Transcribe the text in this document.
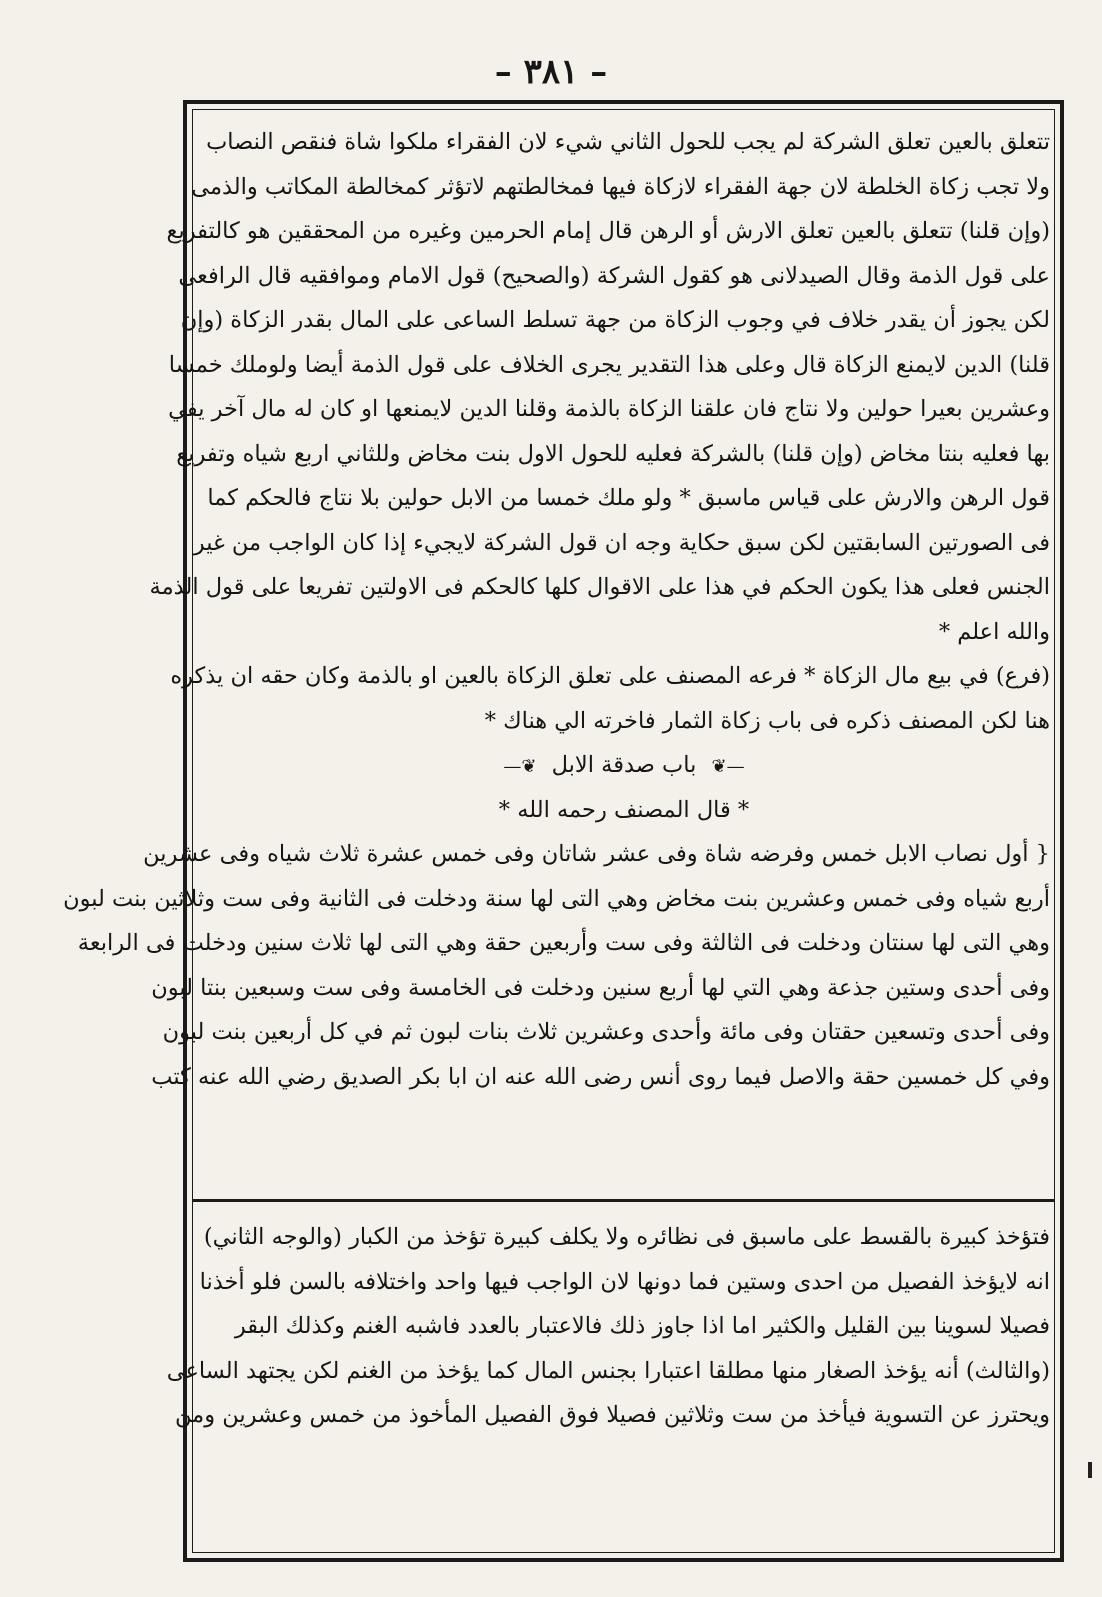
– ٣٨١ –
تتعلق بالعين تعلق الشركة لم يجب للحول الثاني شيء لان الفقراء ملكوا شاة فنقص النصاب
ولا تجب زكاة الخلطة لان جهة الفقراء لازكاة فيها فمخالطتهم لاتؤثر كمخالطة المكاتب والذمى
(وإن قلنا) تتعلق بالعين تعلق الارش أو الرهن قال إمام الحرمين وغيره من المحققين هو كالتفريع
على قول الذمة وقال الصيدلانى هو كقول الشركة (والصحيح) قول الامام وموافقيه قال الرافعى
لكن يجوز أن يقدر خلاف في وجوب الزكاة من جهة تسلط الساعى على المال بقدر الزكاة (وإن
قلنا) الدين لايمنع الزكاة قال وعلى هذا التقدير يجرى الخلاف على قول الذمة أيضا ولوملك خمسا
وعشرين بعيرا حولين ولا نتاج فان علقنا الزكاة بالذمة وقلنا الدين لايمنعها او كان له مال آخر يفي
بها فعليه بنتا مخاض (وإن قلنا) بالشركة فعليه للحول الاول بنت مخاض وللثاني اربع شياه وتفريع
قول الرهن والارش على قياس ماسبق * ولو ملك خمسا من الابل حولين بلا نتاج فالحكم كما
فى الصورتين السابقتين لكن سبق حكاية وجه ان قول الشركة لايجيء إذا كان الواجب من غير
الجنس فعلى هذا يكون الحكم في هذا على الاقوال كلها كالحكم فى الاولتين تفريعا على قول الذمة
والله اعلم *
(فرع) في بيع مال الزكاة * فرعه المصنف على تعلق الزكاة بالعين او بالذمة وكان حقه ان يذكره
هنا لكن المصنف ذكره فى باب زكاة الثمار فاخرته الي هناك *
—❦ باب صدقة الابل ❦—
* قال المصنف رحمه الله *
{ أول نصاب الابل خمس وفرضه شاة وفى عشر شاتان وفى خمس عشرة ثلاث شياه وفى عشرين
أربع شياه وفى خمس وعشرين بنت مخاض وهي التى لها سنة ودخلت فى الثانية وفى ست وثلاثين بنت لبون
وهي التى لها سنتان ودخلت فى الثالثة وفى ست وأربعين حقة وهي التى لها ثلاث سنين ودخلت فى الرابعة
وفى أحدى وستين جذعة وهي التي لها أربع سنين ودخلت فى الخامسة وفى ست وسبعين بنتا لبون
وفى أحدى وتسعين حقتان وفى مائة وأحدى وعشرين ثلاث بنات لبون ثم في كل أربعين بنت لبون
وفي كل خمسين حقة والاصل فيما روى أنس رضى الله عنه ان ابا بكر الصديق رضي الله عنه كتب
فتؤخذ كبيرة بالقسط على ماسبق فى نظائره ولا يكلف كبيرة تؤخذ من الكبار (والوجه الثاني)
انه لايؤخذ الفصيل من احدى وستين فما دونها لان الواجب فيها واحد واختلافه بالسن فلو أخذنا
فصيلا لسوينا بين القليل والكثير اما اذا جاوز ذلك فالاعتبار بالعدد فاشبه الغنم وكذلك البقر
(والثالث) أنه يؤخذ الصغار منها مطلقا اعتبارا بجنس المال كما يؤخذ من الغنم لكن يجتهد الساعى
ويحترز عن التسوية فيأخذ من ست وثلاثين فصيلا فوق الفصيل المأخوذ من خمس وعشرين ومن
